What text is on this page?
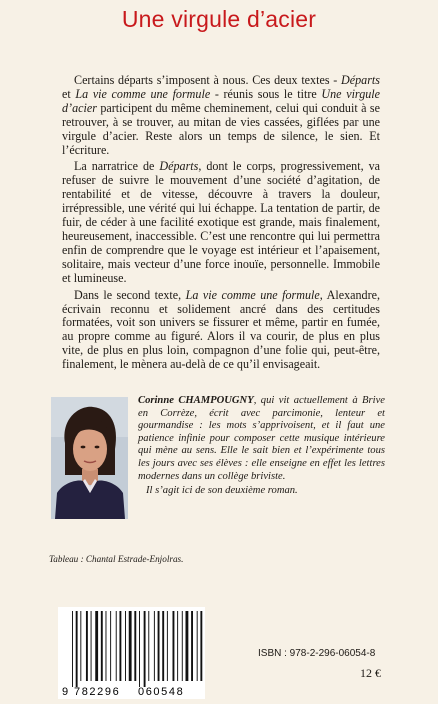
Une virgule d’acier

Certains départs s’imposent à nous. Ces deux textes - Départs et La vie comme une formule - réunis sous le titre Une virgule d’acier participent du même cheminement, celui qui conduit à se retrouver, à se trouver, au mitan de vies cassées, giflées par une virgule d’acier. Reste alors un temps de silence, le sien. Et l’écriture.

La narratrice de Départs, dont le corps, progressivement, va refuser de suivre le mouvement d’une société d’agitation, de rentabilité et de vitesse, découvre à travers la douleur, irrépressible, une vérité qui lui échappe. La tentation de partir, de fuir, de céder à une facilité exotique est grande, mais finalement, heureusement, inaccessible. C’est une rencontre qui lui permettra enfin de comprendre que le voyage est intérieur et l’apaisement, solitaire, mais vecteur d’une force inouïe, personnelle. Immobile et lumineuse.

Dans le second texte, La vie comme une formule, Alexandre, écrivain reconnu et solidement ancré dans des certitudes formatées, voit son univers se fissurer et même, partir en fumée, au propre comme au figuré. Alors il va courir, de plus en plus vite, de plus en plus loin, compagnon d’une folie qui, peut-être, finalement, le mènera au-delà de ce qu’il envisageait.

Corinne CHAMPOUGNY, qui vit actuellement à Brive en Corrèze, écrit avec parcimonie, lenteur et gourmandise : les mots s’apprivoisent, et il faut une patience infinie pour composer cette musique intérieure qui mène au sens. Elle le sait bien et l’expérimente tous les jours avec ses élèves : elle enseigne en effet les lettres modernes dans un collège briviste.

Il s’agit ici de son deuxième roman.

Tableau : Chantal Estrade-Enjolras.
9 782296 060548
ISBN : 978-2-296-06054-8
12 €
